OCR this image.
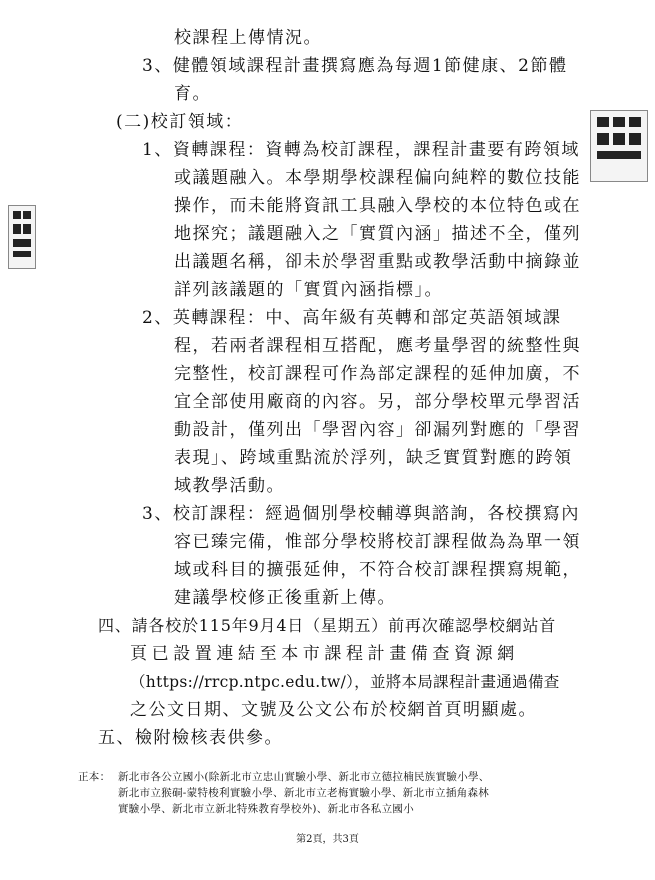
校課程上傳情況。
3、健體領域課程計畫撰寫應為每週1節健康、2節體
育。
(二)校訂領域：
1、資轉課程：資轉為校訂課程，課程計畫要有跨領域
或議題融入。本學期學校課程偏向純粹的數位技能
操作，而未能將資訊工具融入學校的本位特色或在
地探究；議題融入之「實質內涵」描述不全，僅列
出議題名稱，卻未於學習重點或教學活動中摘錄並
詳列該議題的「實質內涵指標」。
2、英轉課程：中、高年級有英轉和部定英語領域課
程，若兩者課程相互搭配，應考量學習的統整性與
完整性，校訂課程可作為部定課程的延伸加廣，不
宜全部使用廠商的內容。另，部分學校單元學習活
動設計，僅列出「學習內容」卻漏列對應的「學習
表現」、跨域重點流於浮列，缺乏實質對應的跨領
域教學活動。
3、校訂課程：經過個別學校輔導與諮詢，各校撰寫內
容已臻完備，惟部分學校將校訂課程做為為單一領
域或科目的擴張延伸，不符合校訂課程撰寫規範，
建議學校修正後重新上傳。
四、請各校於115年9月4日（星期五）前再次確認學校網站首
頁已設置連結至本市課程計畫備查資源網
（https://rrcp.ntpc.edu.tw/），並將本局課程計畫通過備查
之公文日期、文號及公文公布於校網首頁明顯處。
五、檢附檢核表供參。
正本： 新北市各公立國小(除新北市立忠山實驗小學、新北市立德拉楠民族實驗小學、
新北市立猴硐-蒙特梭利實驗小學、新北市立老梅實驗小學、新北市立插角森林
實驗小學、新北市立新北特殊教育學校外)、新北市各私立國小
第2頁，共3頁
